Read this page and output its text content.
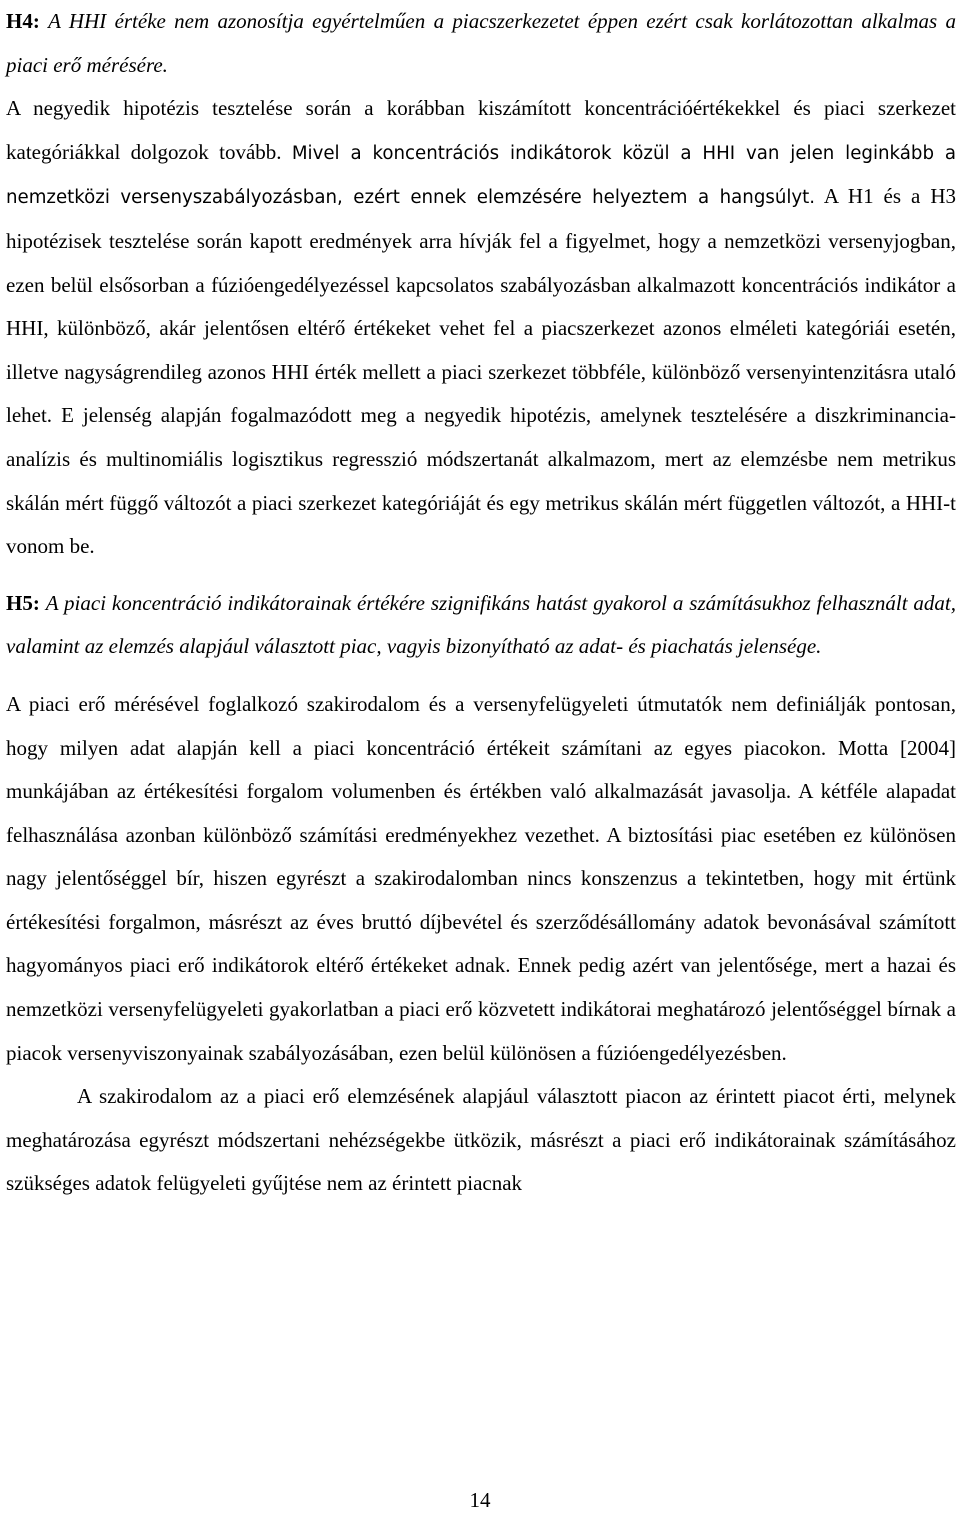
H4: A HHI értéke nem azonosítja egyértelműen a piacszerkezetet éppen ezért csak korlátozottan alkalmas a piaci erő mérésére.

A negyedik hipotézis tesztelése során a korábban kiszámított koncentrációértékekkel és piaci szerkezet kategóriákkal dolgozok tovább. Mivel a koncentrációs indikátorok közül a HHI van jelen leginkább a nemzetközi versenyszabályozásban, ezért ennek elemzésére helyeztem a hangsúlyt. A H1 és a H3 hipotézisek tesztelése során kapott eredmények arra hívják fel a figyelmet, hogy a nemzetközi versenyjogban, ezen belül elsősorban a fúzióengedélyezéssel kapcsolatos szabályozásban alkalmazott koncentrációs indikátor a HHI, különböző, akár jelentősen eltérő értékeket vehet fel a piacszerkezet azonos elméleti kategóriái esetén, illetve nagyságrendileg azonos HHI érték mellett a piaci szerkezet többféle, különböző versenyintenzitásra utaló lehet. E jelenség alapján fogalmazódott meg a negyedik hipotézis, amelynek tesztelésére a diszkriminancia-analízis és multinomiális logisztikus regresszió módszertanát alkalmazom, mert az elemzésbe nem metrikus skálán mért függő változót a piaci szerkezet kategóriáját és egy metrikus skálán mért független változót, a HHI-t vonom be.

H5: A piaci koncentráció indikátorainak értékére szignifikáns hatást gyakorol a számításukhoz felhasznált adat, valamint az elemzés alapjául választott piac, vagyis bizonyítható az adat- és piachatás jelensége.

A piaci erő mérésével foglalkozó szakirodalom és a versenyfelügyeleti útmutatók nem definiálják pontosan, hogy milyen adat alapján kell a piaci koncentráció értékeit számítani az egyes piacokon. Motta [2004] munkájában az értékesítési forgalom volumenben és értékben való alkalmazását javasolja. A kétféle alapadat felhasználása azonban különböző számítási eredményekhez vezethet. A biztosítási piac esetében ez különösen nagy jelentőséggel bír, hiszen egyrészt a szakirodalomban nincs konszenzus a tekintetben, hogy mit értünk értékesítési forgalmon, másrészt az éves bruttó díjbevétel és szerződésállomány adatok bevonásával számított hagyományos piaci erő indikátorok eltérő értékeket adnak. Ennek pedig azért van jelentősége, mert a hazai és nemzetközi versenyfelügyeleti gyakorlatban a piaci erő közvetett indikátorai meghatározó jelentőséggel bírnak a piacok versenyviszonyainak szabályozásában, ezen belül különösen a fúzióengedélyezésben.

A szakirodalom az a piaci erő elemzésének alapjául választott piacon az érintett piacot érti, melynek meghatározása egyrészt módszertani nehézségekbe ütközik, másrészt a piaci erő indikátorainak számításához szükséges adatok felügyeleti gyűjtése nem az érintett piacnak

14
